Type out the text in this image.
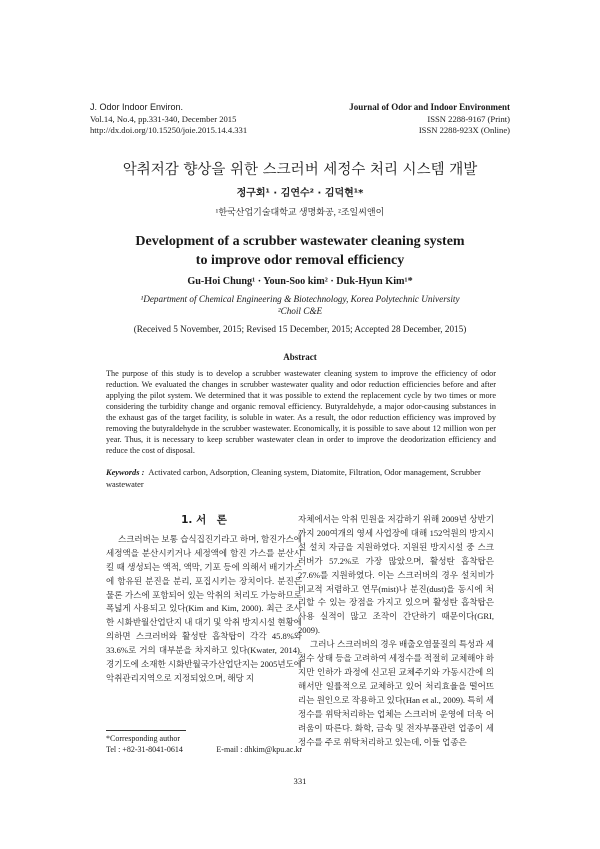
J. Odor Indoor Environ.
Vol.14, No.4, pp.331-340, December 2015
http://dx.doi.org/10.15250/joie.2015.14.4.331
Journal of Odor and Indoor Environment
ISSN 2288-9167 (Print)
ISSN 2288-923X (Online)
악취저감 향상을 위한 스크러버 세정수 처리 시스템 개발
정구회¹ · 김연수² · 김덕현¹*
¹한국산업기술대학교 생명화공, ²조일씨앤이
Development of a scrubber wastewater cleaning system
to improve odor removal efficiency
Gu-Hoi Chung¹ · Youn-Soo kim² · Duk-Hyun Kim¹*
¹Department of Chemical Engineering & Biotechnology, Korea Polytechnic University
²Choil C&E
(Received 5 November, 2015; Revised 15 December, 2015; Accepted 28 December, 2015)
Abstract
The purpose of this study is to develop a scrubber wastewater cleaning system to improve the efficiency of odor reduction. We evaluated the changes in scrubber wastewater quality and odor reduction efficiencies before and after applying the pilot system. We determined that it was possible to extend the replacement cycle by two times or more considering the turbidity change and organic removal efficiency. Butyraldehyde, a major odor-causing substances in the exhaust gas of the target facility, is soluble in water. As a result, the odor reduction efficiency was improved by removing the butyraldehyde in the scrubber wastewater. Economically, it is possible to save about 12 million won per year. Thus, it is necessary to keep scrubber wastewater clean in order to improve the deodorization efficiency and reduce the cost of disposal.
Keywords : Activated carbon, Adsorption, Cleaning system, Diatomite, Filtration, Odor management, Scrubber wastewater
1. 서　론

스크러버는 보통 습식집진기라고 하며, 함진가스에 세정액을 분산시키거나 세정액에 함진 가스를 분산시킬 때 생성되는 액적, 액막, 기포 등에 의해서 배기가스에 함유된 분진을 분리, 포집시키는 장치이다. 분진은 물론 가스에 포함되어 있는 악취의 처리도 가능하므로 폭넓게 사용되고 있다(Kim and Kim, 2000). 최근 조사한 시화반월산업단지 내 대기 및 악취 방지시설 현황에 의하면 스크러버와 활성탄 흡착탑이 각각 45.8%와 33.6%로 거의 대부분을 차지하고 있다(Kwater, 2014). 경기도에 소재한 시화반월국가산업단지는 2005년도에 악취관리지역으로 지정되었으며, 해당 지

자체에서는 악취 민원을 저감하기 위해 2009년 상반기까지 200여개의 영세 사업장에 대해 152억원의 방지시설 설치 자금을 지원하였다. 지원된 방지시설 중 스크러버가 57.2%로 가장 많았으며, 활성탄 흡착탑은 27.6%를 지원하였다. 이는 스크러버의 경우 설치비가 비교적 저렴하고 연무(mist)나 분진(dust)을 동시에 처리할 수 있는 장점을 가지고 있으며 활성탄 흡착탑은 사용 실적이 많고 조작이 간단하기 때문이다(GRI, 2009).

그러나 스크러버의 경우 배출오염물질의 특성과 세정수 상태 등을 고려하여 세정수를 적절히 교체해야 하지만 인하가 과정에 신고된 교체주기와 가동시간에 의해서만 일률적으로 교체하고 있어 처리효율을 떨어뜨리는 원인으로 작용하고 있다(Han et al., 2009). 특히 세정수를 위탁처리하는 업체는 스크러버 운영에 더욱 어려움이 따른다. 화학, 금속 및 전자부품관련 업종이 세정수를 주로 위탁처리하고 있는데, 이들 업종은

*Corresponding author
Tel : +82-31-8041-0614	E-mail : dhkim@kpu.ac.kr
331
